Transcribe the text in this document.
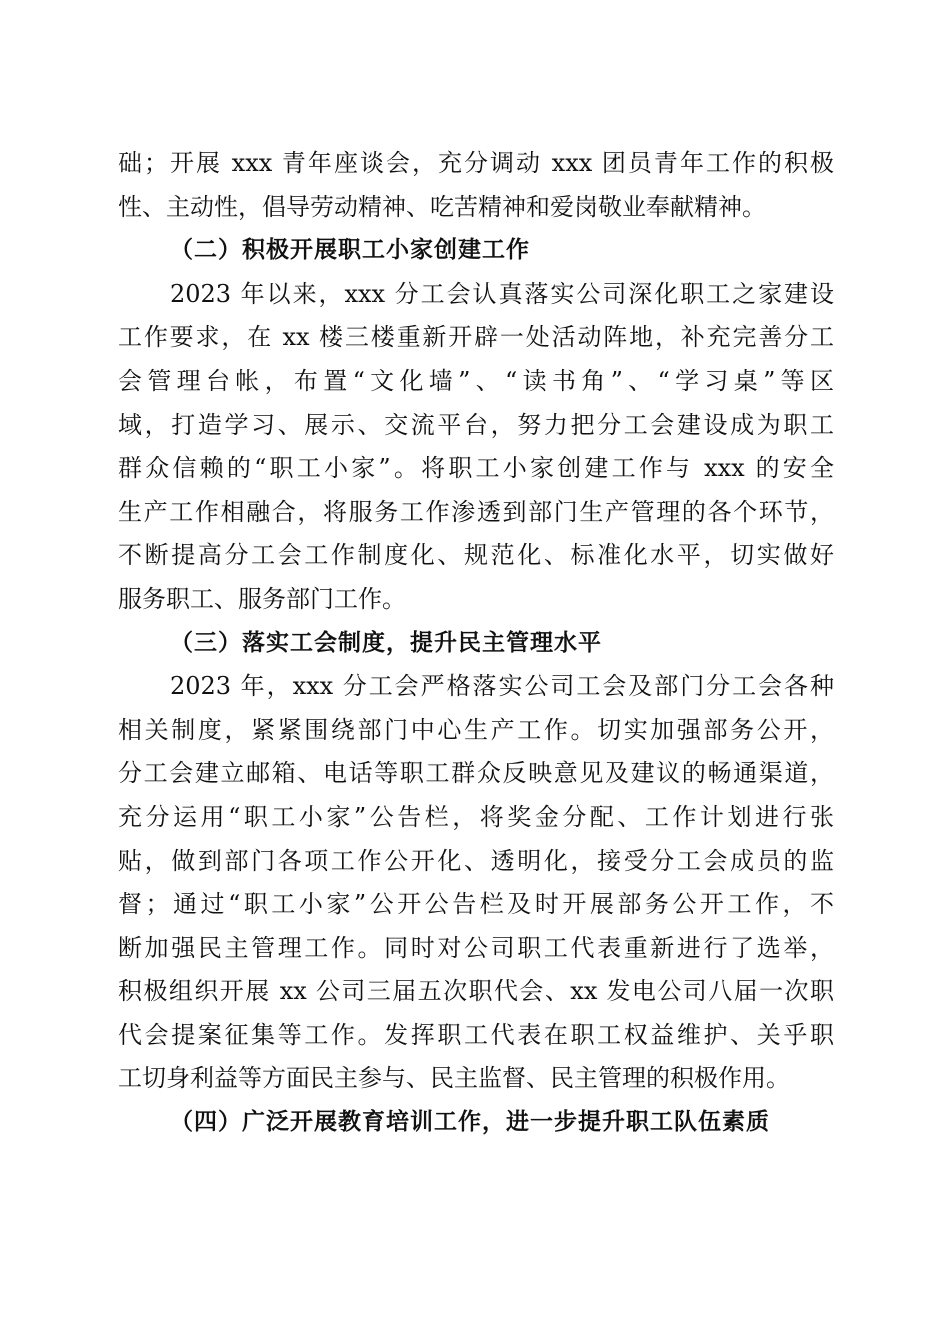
础；开展 xxx 青年座谈会，充分调动 xxx 团员青年工作的积极
性、主动性，倡导劳动精神、吃苦精神和爱岗敬业奉献精神。
（二）积极开展职工小家创建工作
2023 年以来，xxx 分工会认真落实公司深化职工之家建设
工作要求，在 xx 楼三楼重新开辟一处活动阵地，补充完善分工
会管理台帐，布置“文化墙”、“读书角”、“学习桌”等区
域，打造学习、展示、交流平台，努力把分工会建设成为职工
群众信赖的“职工小家”。将职工小家创建工作与 xxx 的安全
生产工作相融合，将服务工作渗透到部门生产管理的各个环节，
不断提高分工会工作制度化、规范化、标准化水平，切实做好
服务职工、服务部门工作。
（三）落实工会制度，提升民主管理水平
2023 年，xxx 分工会严格落实公司工会及部门分工会各种
相关制度，紧紧围绕部门中心生产工作。切实加强部务公开，
分工会建立邮箱、电话等职工群众反映意见及建议的畅通渠道，
充分运用“职工小家”公告栏，将奖金分配、工作计划进行张
贴，做到部门各项工作公开化、透明化，接受分工会成员的监
督；通过“职工小家”公开公告栏及时开展部务公开工作，不
断加强民主管理工作。同时对公司职工代表重新进行了选举，
积极组织开展 xx 公司三届五次职代会、xx 发电公司八届一次职
代会提案征集等工作。发挥职工代表在职工权益维护、关乎职
工切身利益等方面民主参与、民主监督、民主管理的积极作用。
（四）广泛开展教育培训工作，进一步提升职工队伍素质
